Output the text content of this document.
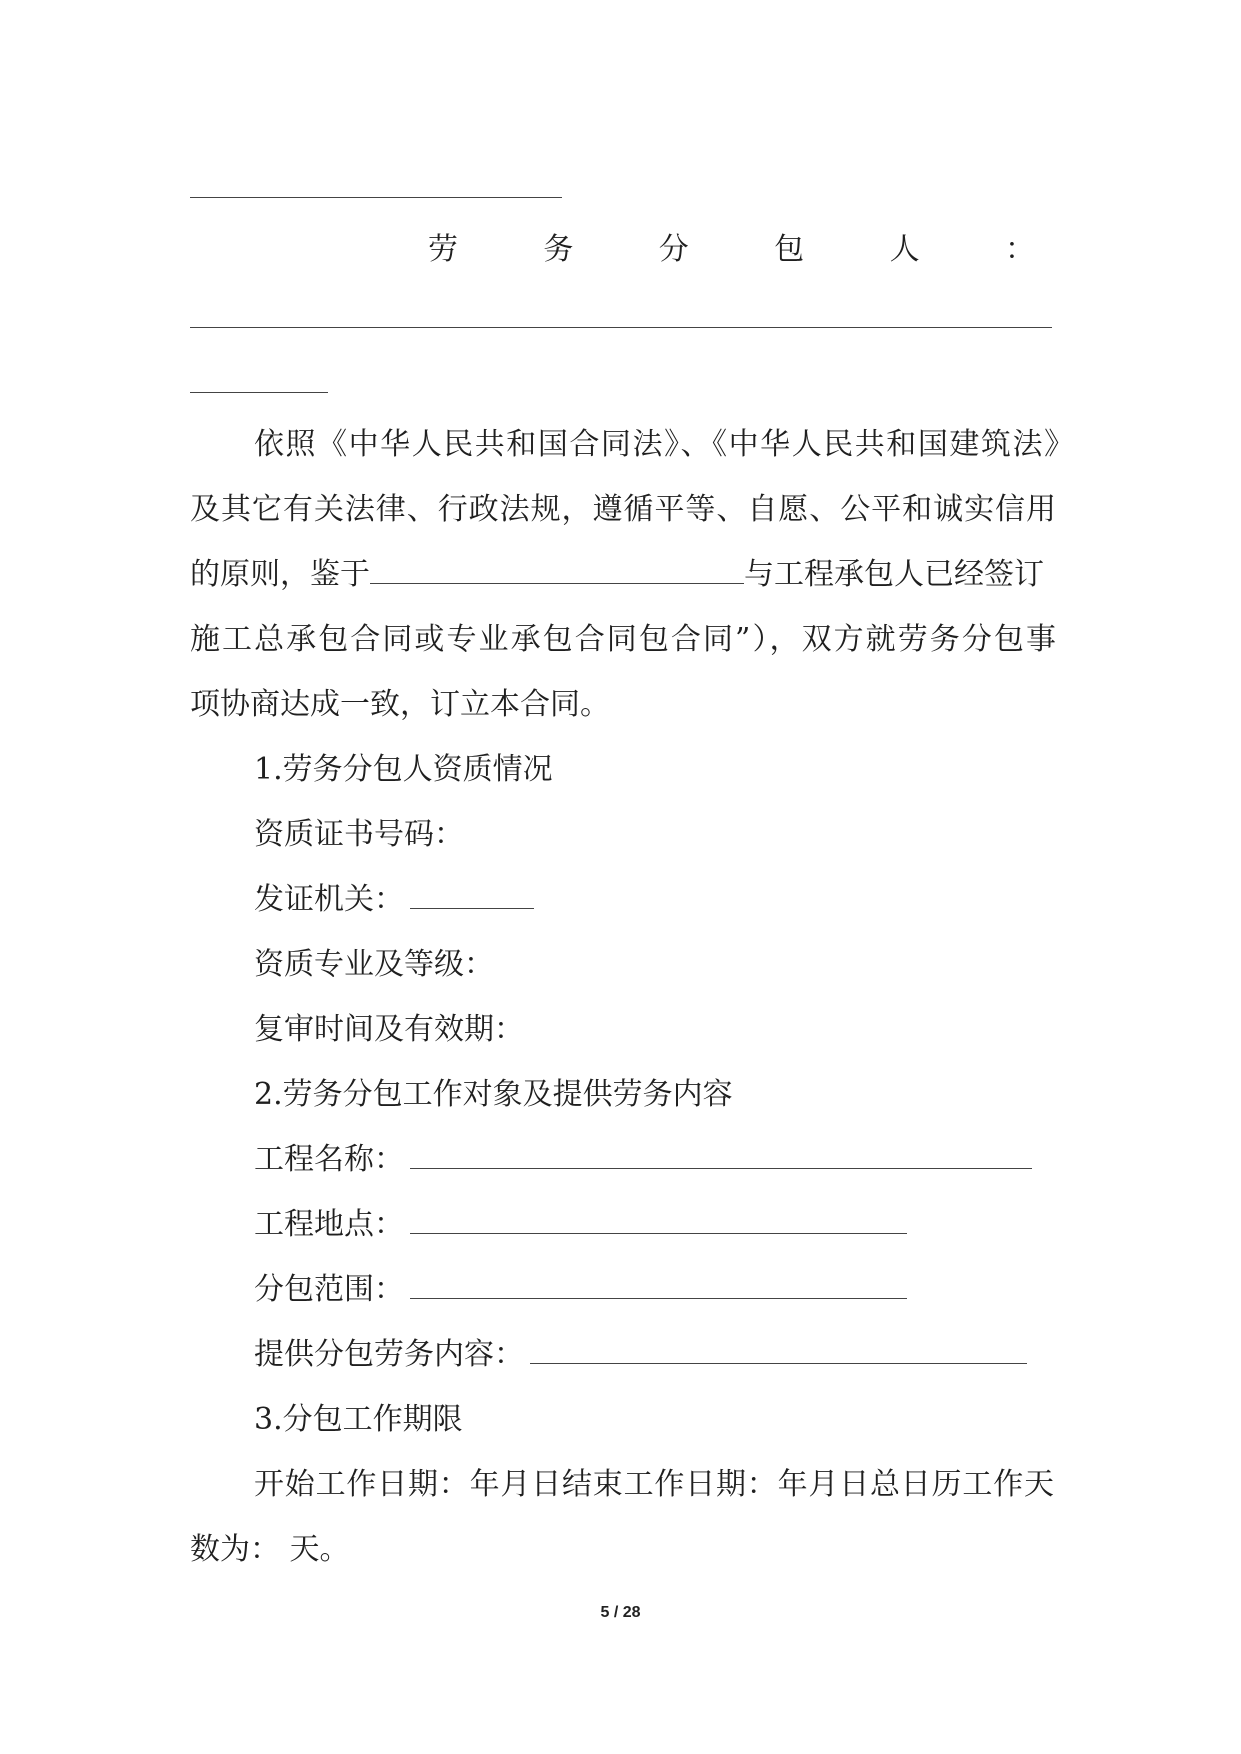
劳	务	分	包	人	：
依照《中华人民共和国合同法》、《中华人民共和国建筑法》
及其它有关法律、行政法规，遵循平等、自愿、公平和诚实信用
的原则，鉴于	与工程承包人已经签订
施工总承包合同或专业承包合同包合同”），双方就劳务分包事
项协商达成一致，订立本合同。
1.劳务分包人资质情况
资质证书号码：
发证机关：
资质专业及等级：
复审时间及有效期：
2.劳务分包工作对象及提供劳务内容
工程名称：
工程地点：
分包范围：
提供分包劳务内容：
3.分包工作期限
开始工作日期：年月日结束工作日期：年月日总日历工作天
数为： 天。
5 / 28
